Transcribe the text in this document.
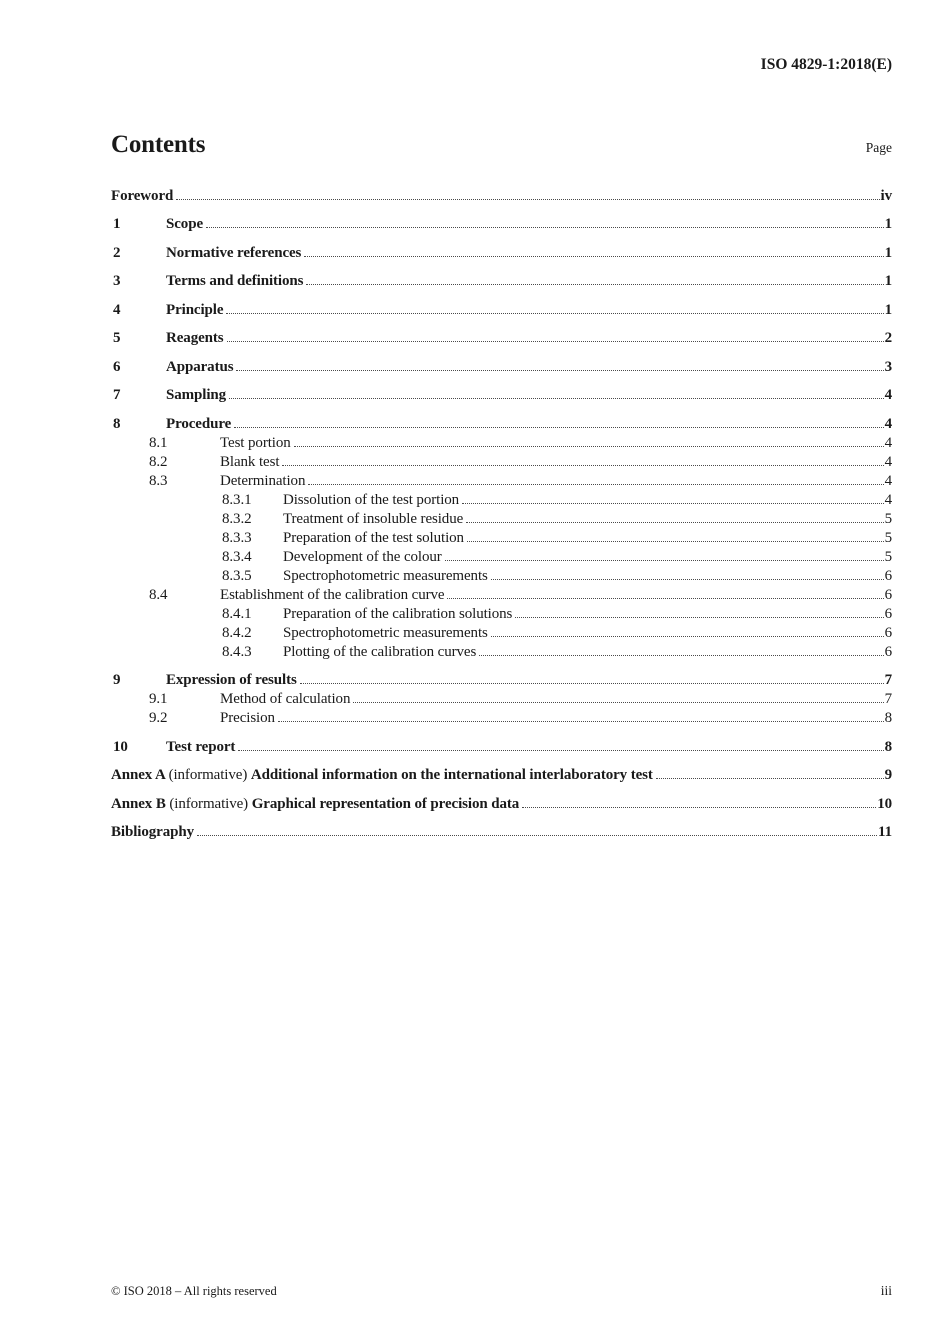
ISO 4829-1:2018(E)
Contents	Page
Foreword	iv
1	Scope	1
2	Normative references	1
3	Terms and definitions	1
4	Principle	1
5	Reagents	2
6	Apparatus	3
7	Sampling	4
8	Procedure	4
8.1	Test portion	4
8.2	Blank test	4
8.3	Determination	4
8.3.1	Dissolution of the test portion	4
8.3.2	Treatment of insoluble residue	5
8.3.3	Preparation of the test solution	5
8.3.4	Development of the colour	5
8.3.5	Spectrophotometric measurements	6
8.4	Establishment of the calibration curve	6
8.4.1	Preparation of the calibration solutions	6
8.4.2	Spectrophotometric measurements	6
8.4.3	Plotting of the calibration curves	6
9	Expression of results	7
9.1	Method of calculation	7
9.2	Precision	8
10	Test report	8
Annex A (informative) Additional information on the international interlaboratory test	9
Annex B (informative) Graphical representation of precision data	10
Bibliography	11
© ISO 2018 – All rights reserved	iii
